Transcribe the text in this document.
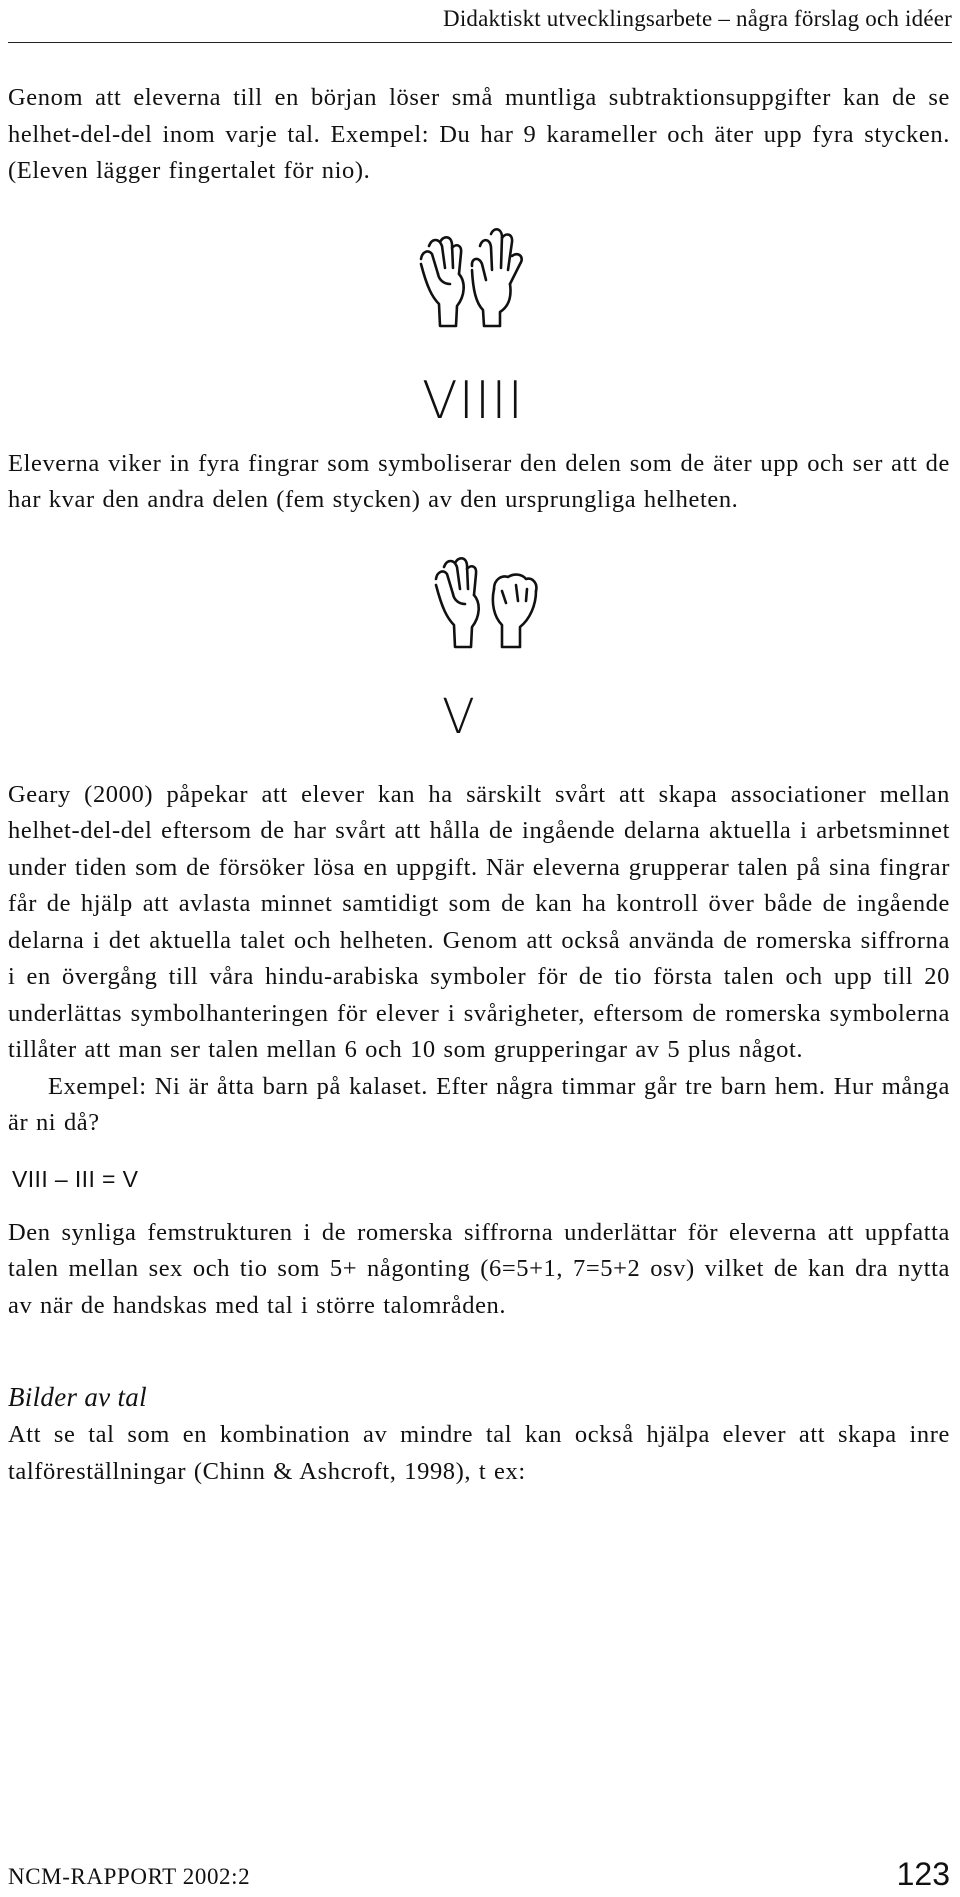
Didaktiskt utvecklingsarbete – några förslag och idéer

Genom att eleverna till en början löser små muntliga subtraktionsuppgifter kan de se helhet-del-del inom varje tal. Exempel: Du har 9 karameller och äter upp fyra stycken. (Eleven lägger fingertalet för nio).

VIIII

Eleverna viker in fyra fingrar som symboliserar den delen som de äter upp och ser att de har kvar den andra delen (fem stycken) av den ursprungliga helheten.

V

Geary (2000) påpekar att elever kan ha särskilt svårt att skapa associationer mellan helhet-del-del eftersom de har svårt att hålla de ingående delarna aktuella i arbetsminnet under tiden som de försöker lösa en uppgift. När eleverna grupperar talen på sina fingrar får de hjälp att avlasta minnet samtidigt som de kan ha kontroll över både de ingående delarna i det aktuella talet och helheten. Genom att också använda de romerska siffrorna i en övergång till våra hindu-arabiska symboler för de tio första talen och upp till 20 underlättas symbolhanteringen för elever i svårigheter, eftersom de romerska symbolerna tillåter att man ser talen mellan 6 och 10 som grupperingar av 5 plus något.

Exempel: Ni är åtta barn på kalaset. Efter några timmar går tre barn hem. Hur många är ni då?

VIII – III = V

Den synliga femstrukturen i de romerska siffrorna underlättar för eleverna att uppfatta talen mellan sex och tio som 5+ någonting (6=5+1, 7=5+2 osv) vilket de kan dra nytta av när de handskas med tal i större talområden.

Bilder av tal

Att se tal som en kombination av mindre tal kan också hjälpa elever att skapa inre talföreställningar (Chinn & Ashcroft, 1998), t ex:

NCM-RAPPORT 2002:2	123
